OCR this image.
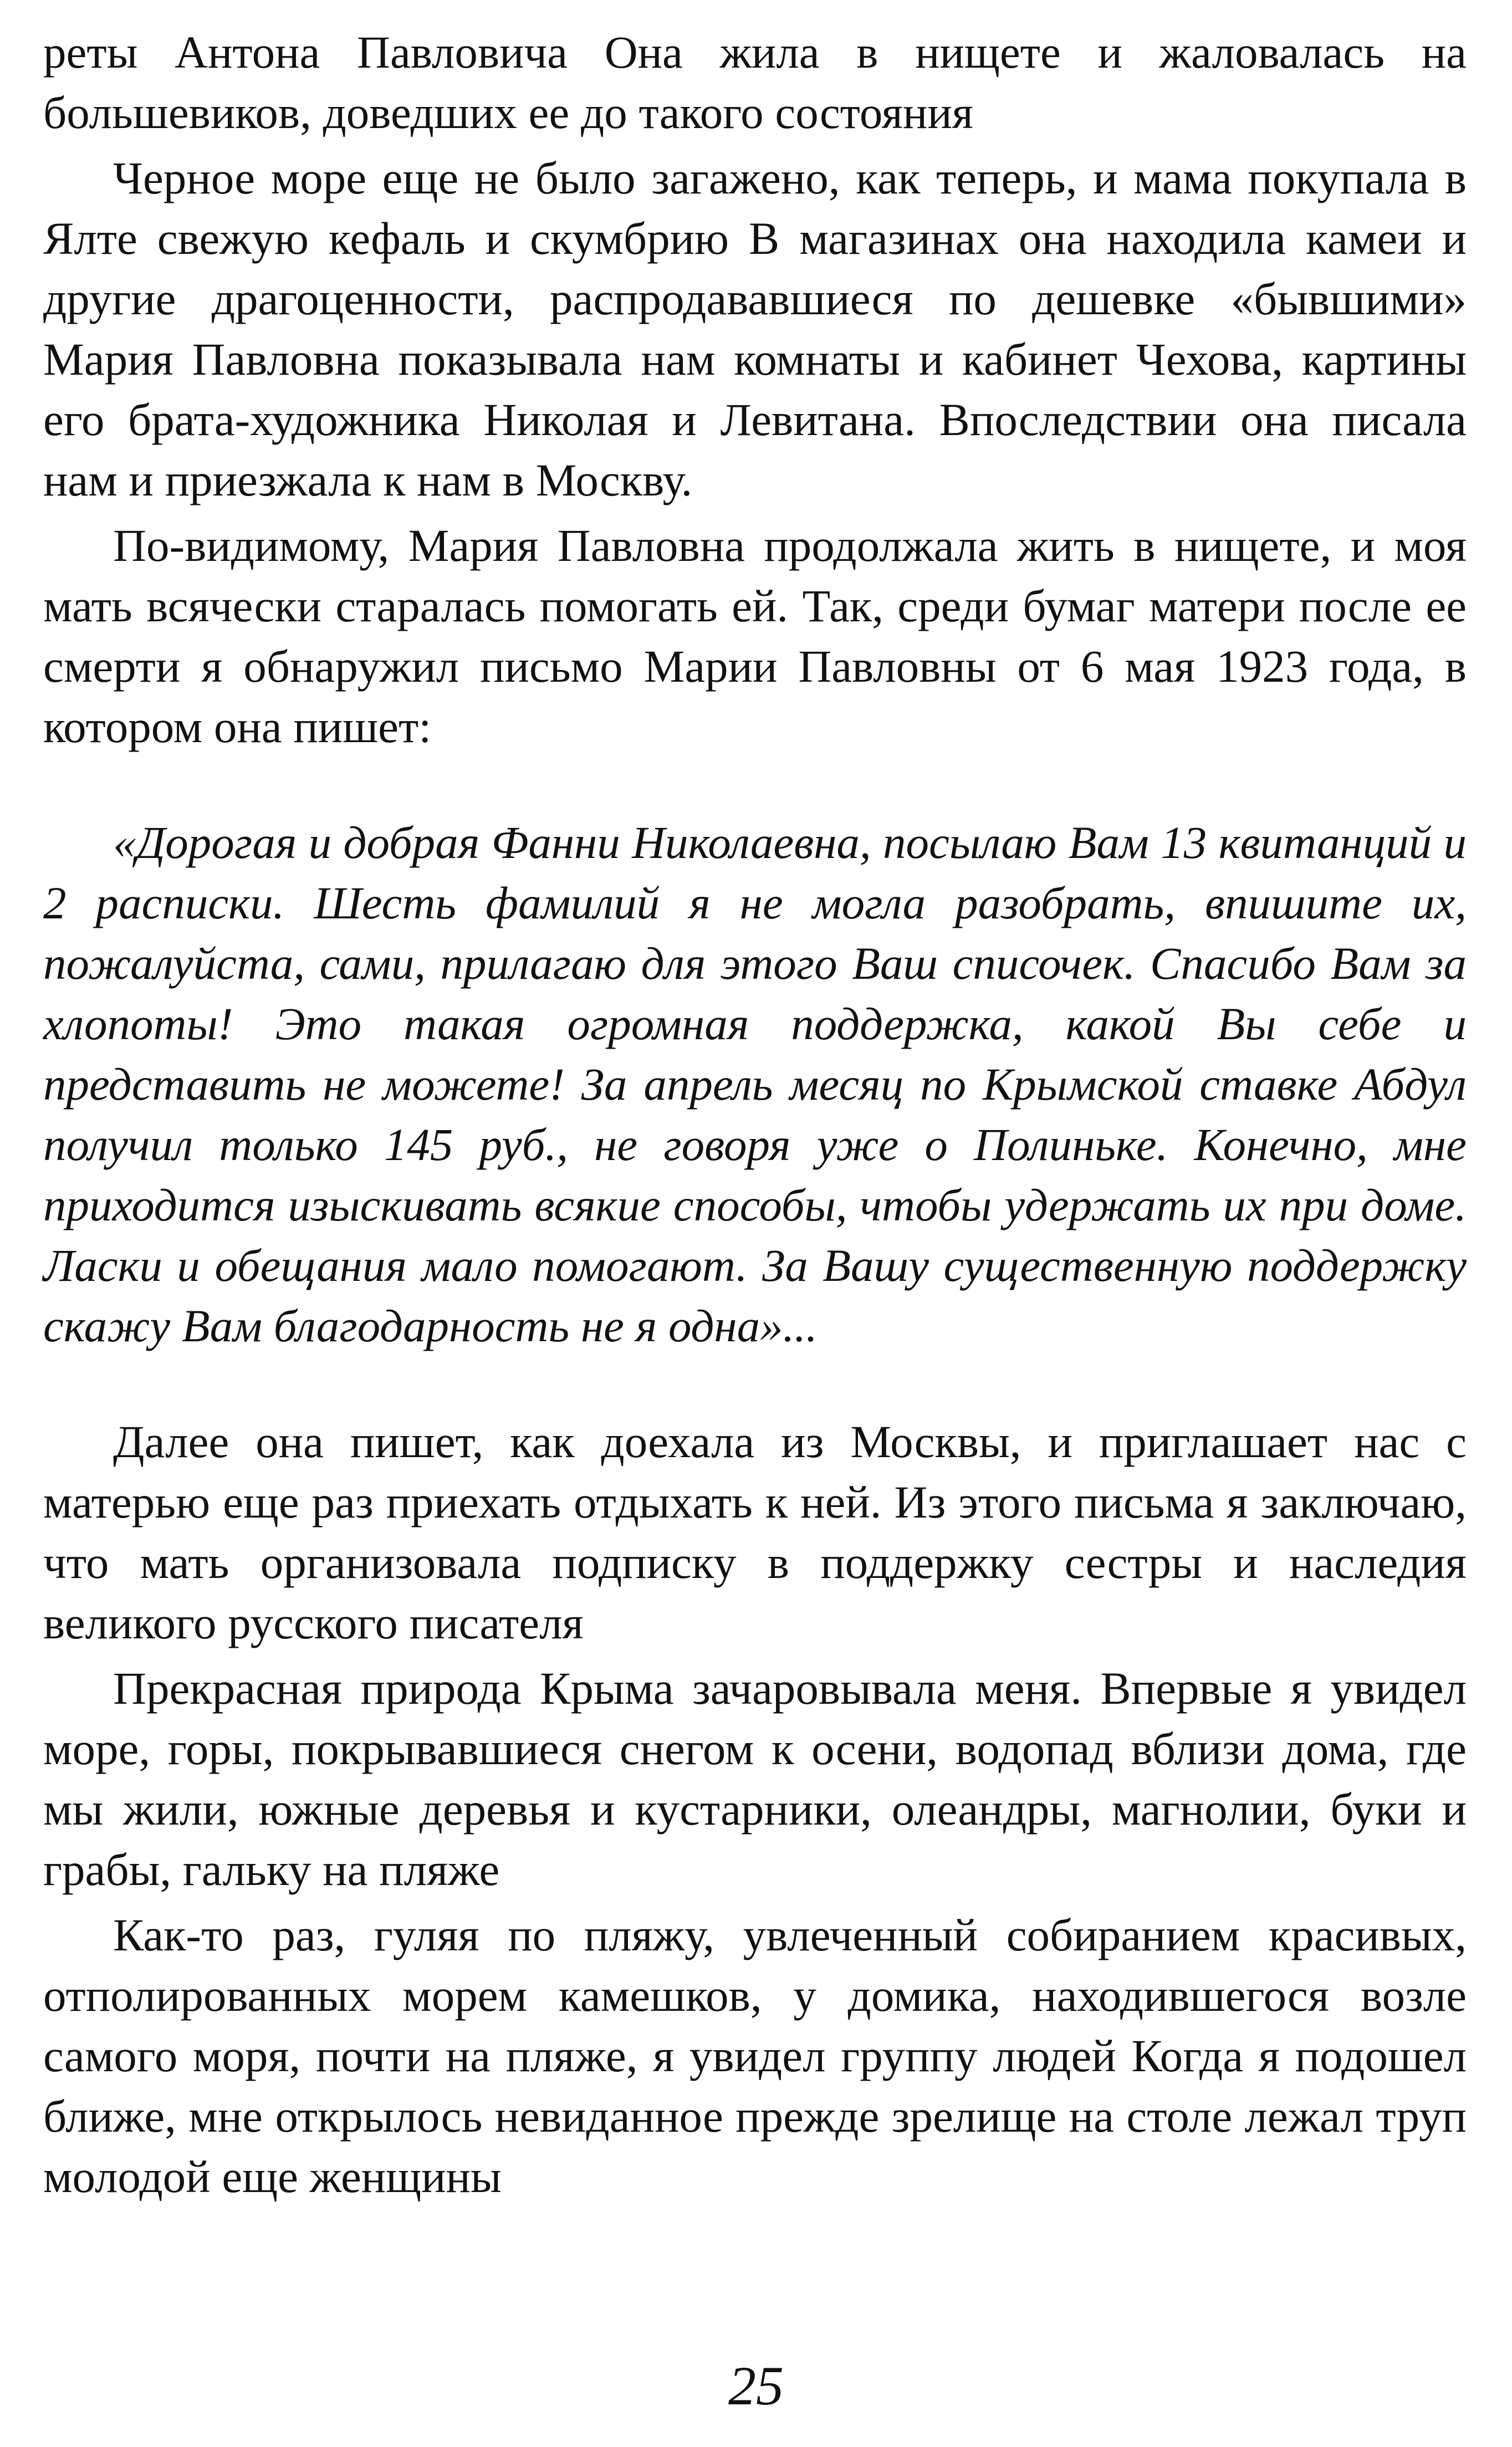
реты Антона Павловича Она жила в нищете и жаловалась на большевиков, доведших ее до такого состояния

Черное море еще не было загажено, как теперь, и мама покупала в Ялте свежую кефаль и скумбрию В магазинах она находила камеи и другие драгоценности, распродававшиеся по дешевке «бывшими» Мария Павловна показывала нам комнаты и кабинет Чехова, картины его брата-художника Николая и Левитана. Впоследствии она писала нам и приезжала к нам в Москву.

По-видимому, Мария Павловна продолжала жить в нищете, и моя мать всячески старалась помогать ей. Так, среди бумаг матери после ее смерти я обнаружил письмо Марии Павловны от 6 мая 1923 года, в котором она пишет:

«Дорогая и добрая Фанни Николаевна, посылаю Вам 13 квитанций и 2 расписки. Шесть фамилий я не могла разобрать, впишите их, пожалуйста, сами, прилагаю для этого Ваш списочек. Спасибо Вам за хлопоты! Это такая огромная поддержка, какой Вы себе и представить не можете! За апрель месяц по Крымской ставке Абдул получил только 145 руб., не говоря уже о Полиньке. Конечно, мне приходится изыскивать всякие способы, чтобы удержать их при доме. Ласки и обещания мало помогают. За Вашу существенную поддержку скажу Вам благодарность не я одна»...

Далее она пишет, как доехала из Москвы, и приглашает нас с матерью еще раз приехать отдыхать к ней. Из этого письма я заключаю, что мать организовала подписку в поддержку сестры и наследия великого русского писателя

Прекрасная природа Крыма зачаровывала меня. Впервые я увидел море, горы, покрывавшиеся снегом к осени, водопад вблизи дома, где мы жили, южные деревья и кустарники, олеандры, магнолии, буки и грабы, гальку на пляже

Как-то раз, гуляя по пляжу, увлеченный собиранием красивых, отполированных морем камешков, у домика, находившегося возле самого моря, почти на пляже, я увидел группу людей Когда я подошел ближе, мне открылось невиданное прежде зрелище на столе лежал труп молодой еще женщины

25
